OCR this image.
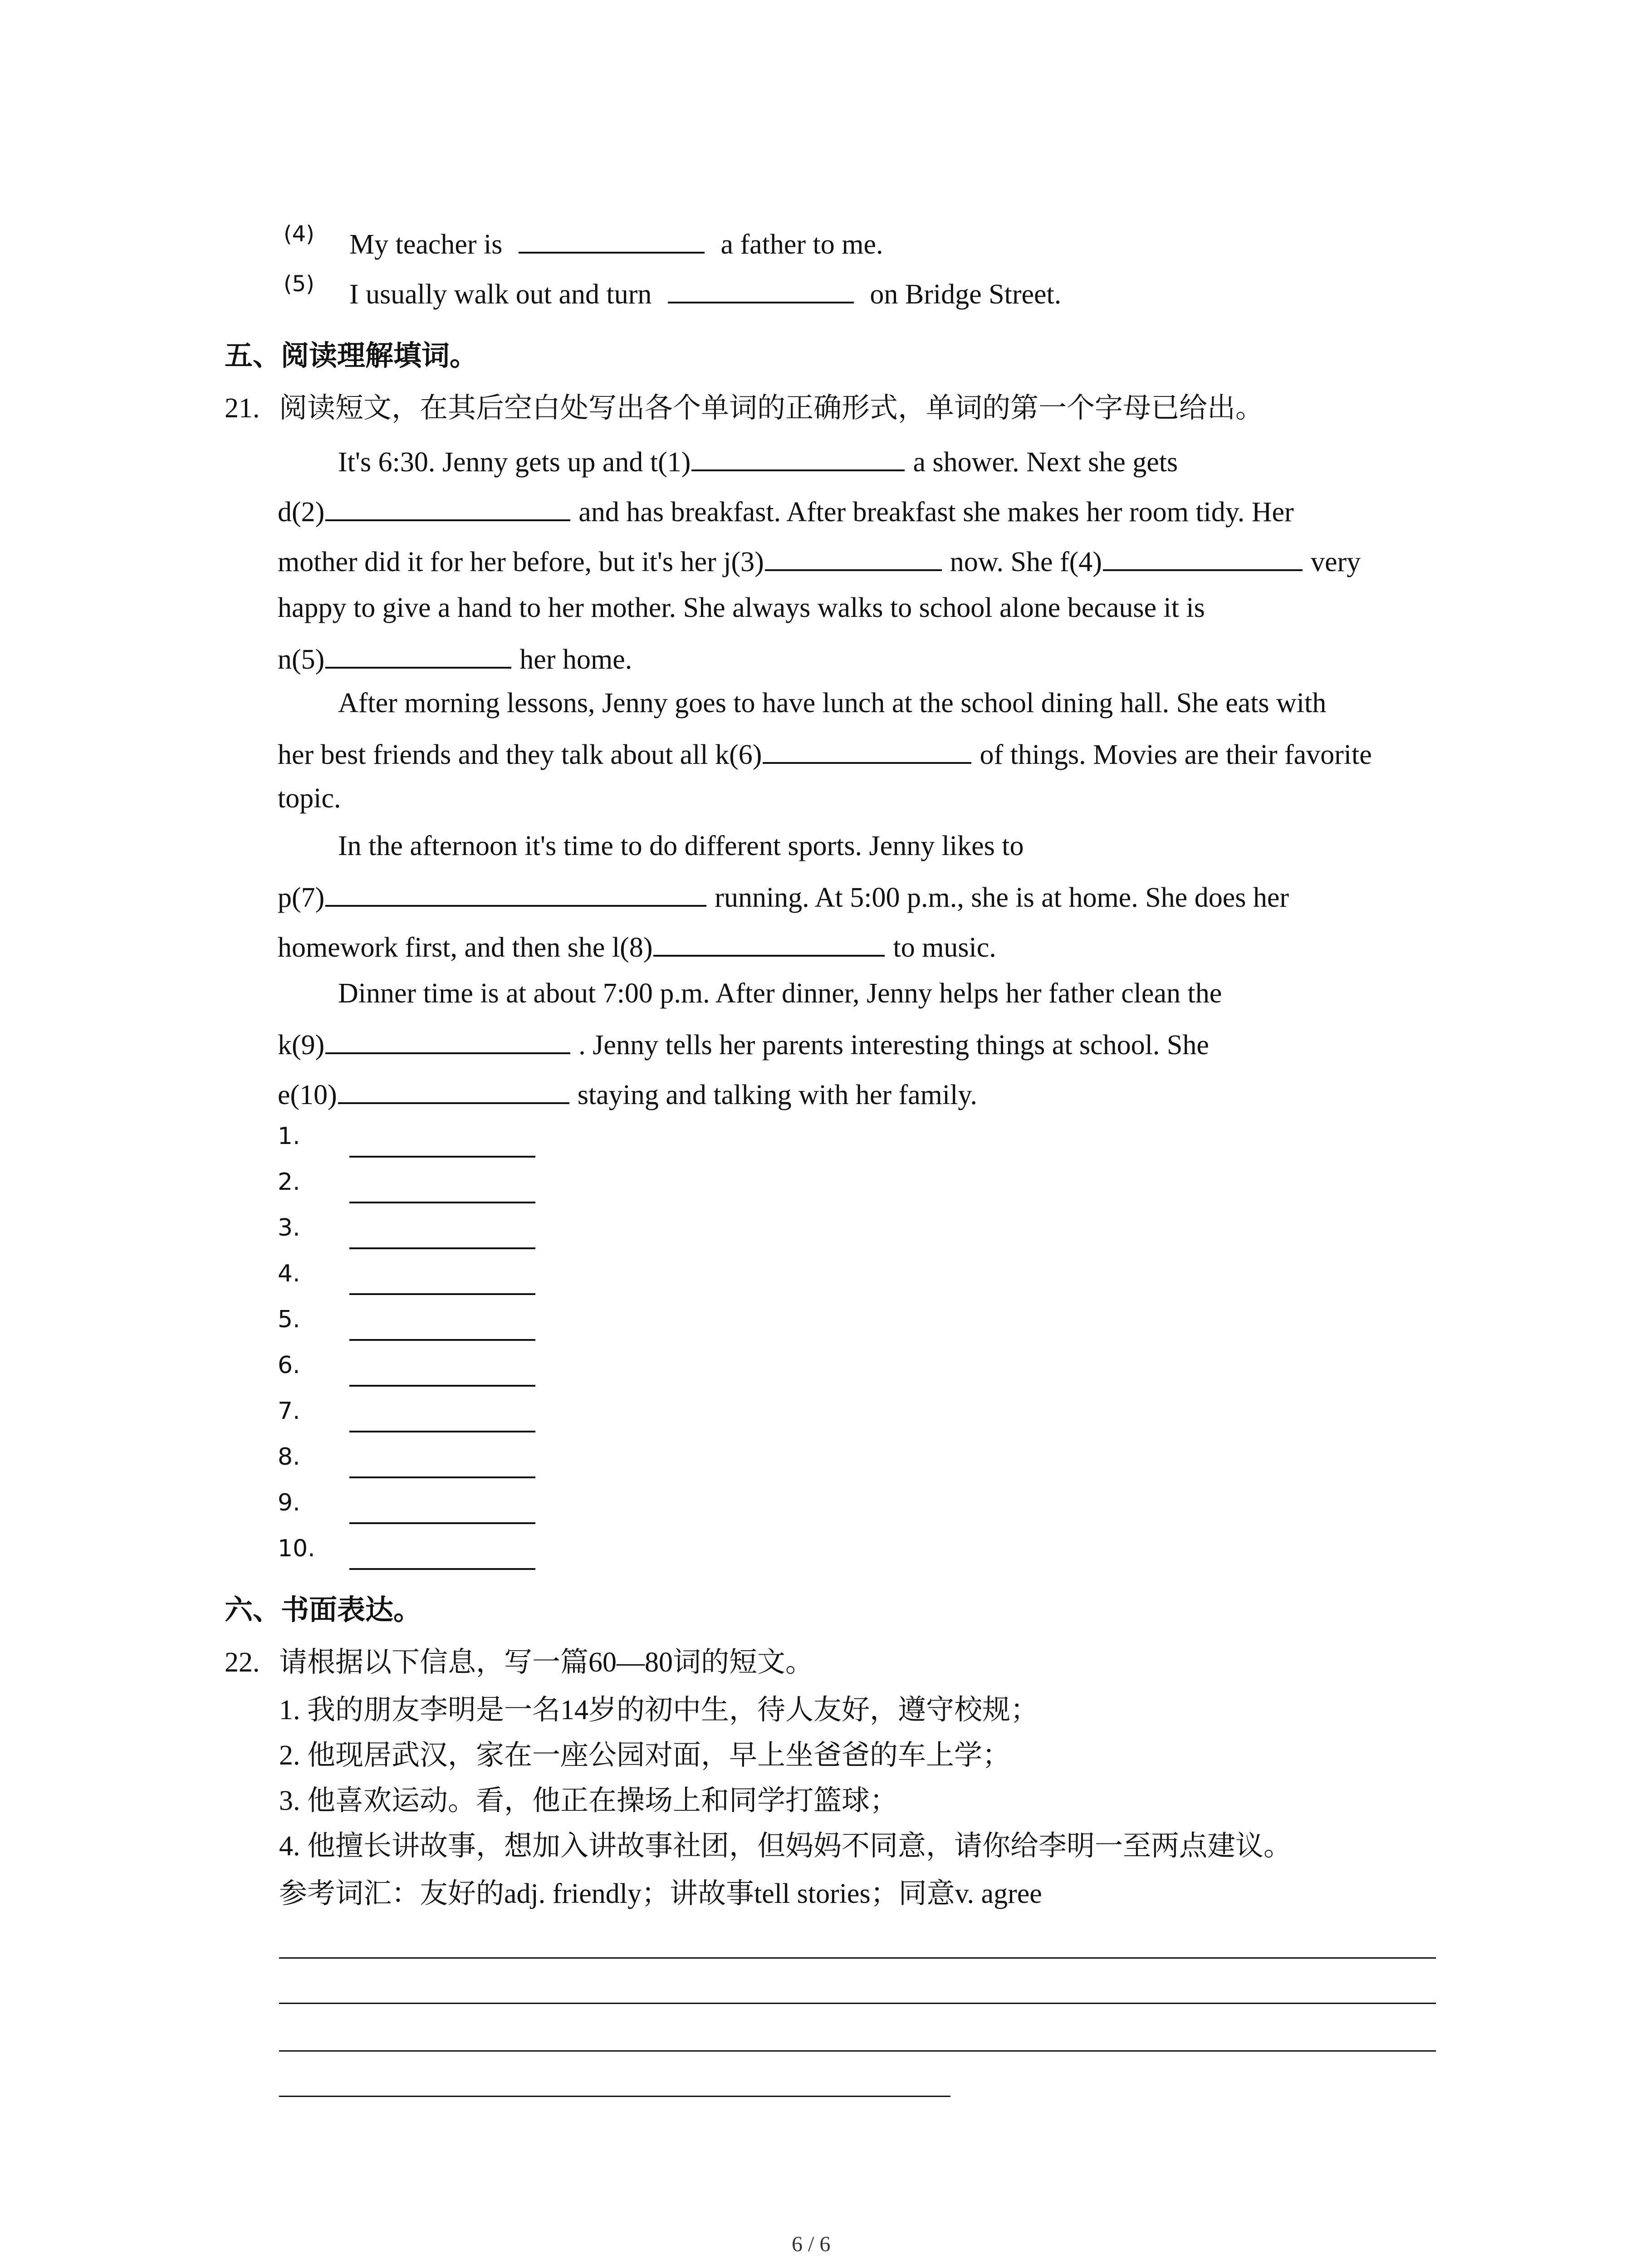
(4) My teacher is	a father to me.
(5) I usually walk out and turn	on Bridge Street.
五、阅读理解填词。
21. 阅读短文，在其后空白处写出各个单词的正确形式，单词的第一个字母已给出。
It's 6:30. Jenny gets up and t(1)	a shower. Next she gets
d(2)	and has breakfast. After breakfast she makes her room tidy. Her
mother did it for her before, but it's her j(3)	now. She f(4)	very
happy to give a hand to her mother. She always walks to school alone because it is
n(5)	her home.
After morning lessons, Jenny goes to have lunch at the school dining hall. She eats with
her best friends and they talk about all k(6)	of things. Movies are their favorite
topic.
In the afternoon it's time to do different sports. Jenny likes to
p(7)	running. At 5:00 p.m., she is at home. She does her
homework first, and then she l(8)	to music.
Dinner time is at about 7:00 p.m. After dinner, Jenny helps her father clean the
k(9)	. Jenny tells her parents interesting things at school. She
e(10)	staying and talking with her family.
1.
2.
3.
4.
5.
6.
7.
8.
9.
10.
六、书面表达。
22. 请根据以下信息，写一篇60—80词的短文。
1. 我的朋友李明是一名14岁的初中生，待人友好，遵守校规；
2. 他现居武汉，家在一座公园对面，早上坐爸爸的车上学；
3. 他喜欢运动。看，他正在操场上和同学打篮球；
4. 他擅长讲故事，想加入讲故事社团，但妈妈不同意，请你给李明一至两点建议。
参考词汇：友好的adj. friendly；讲故事tell stories；同意v. agree
6 / 6
